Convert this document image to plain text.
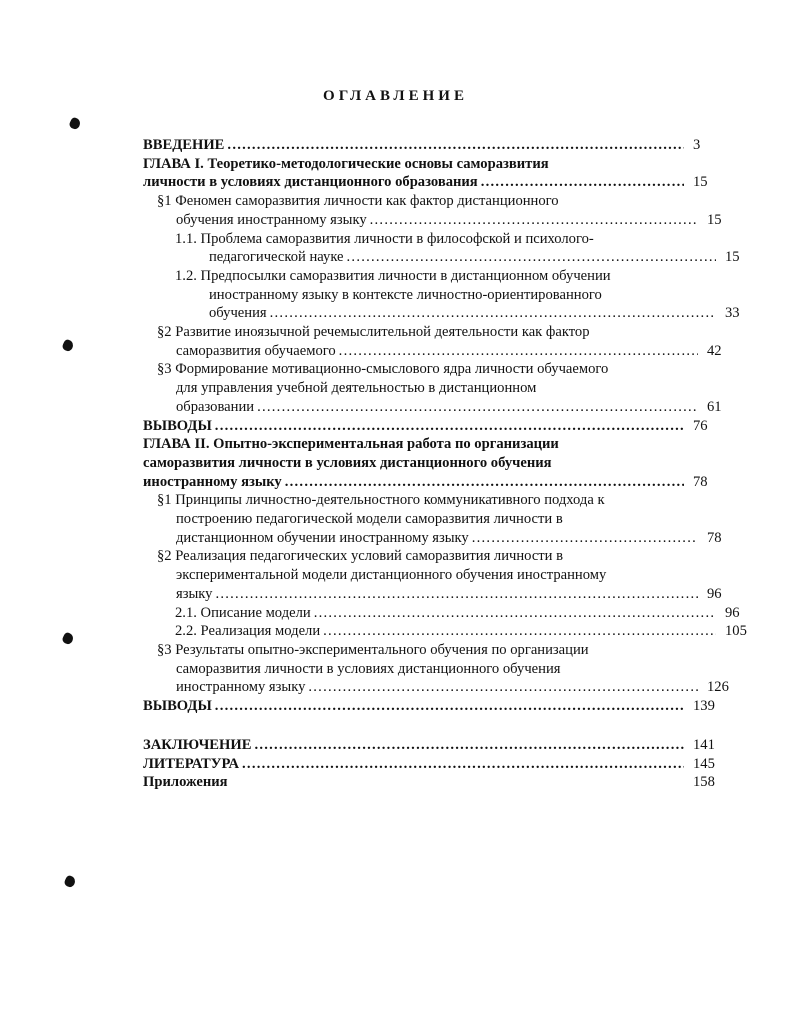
ОГЛАВЛЕНИЕ
ВВЕДЕНИЕ . . .	3
ГЛАВА I. Теоретико-методологические основы саморазвития
личности в условиях дистанционного образования . . .	15
§1 Феномен саморазвития личности как фактор дистанционного
обучения иностранному языку . . .	15
1.1. Проблема саморазвития личности в философской и психолого-
педагогической науке . . .	15
1.2. Предпосылки саморазвития личности в дистанционном обучении
иностранному языку в контексте личностно-ориентированного
обучения . . .	33
§2 Развитие иноязычной речемыслительной деятельности как фактор
саморазвития обучаемого . . .	42
§3 Формирование мотивационно-смыслового ядра личности обучаемого
для управления учебной деятельностью в дистанционном
образовании . . .	61
ВЫВОДЫ . . .	76
ГЛАВА II. Опытно-экспериментальная работа по организации
саморазвития личности в условиях дистанционного обучения
иностранному языку . . .	78
§1 Принципы личностно-деятельностного коммуникативного подхода к
построению педагогической модели саморазвития личности в
дистанционном обучении иностранному языку . . .	78
§2 Реализация педагогических условий саморазвития личности в
экспериментальной модели дистанционного обучения иностранному
языку . . .	96
2.1. Описание модели . . .	96
2.2. Реализация модели . . .	105
§3 Результаты опытно-экспериментального обучения по организации
саморазвития личности в условиях дистанционного обучения
иностранному языку . . .	126
ВЫВОДЫ . . .	139
ЗАКЛЮЧЕНИЕ . . .	141
ЛИТЕРАТУРА . . .	145
Приложения	158
